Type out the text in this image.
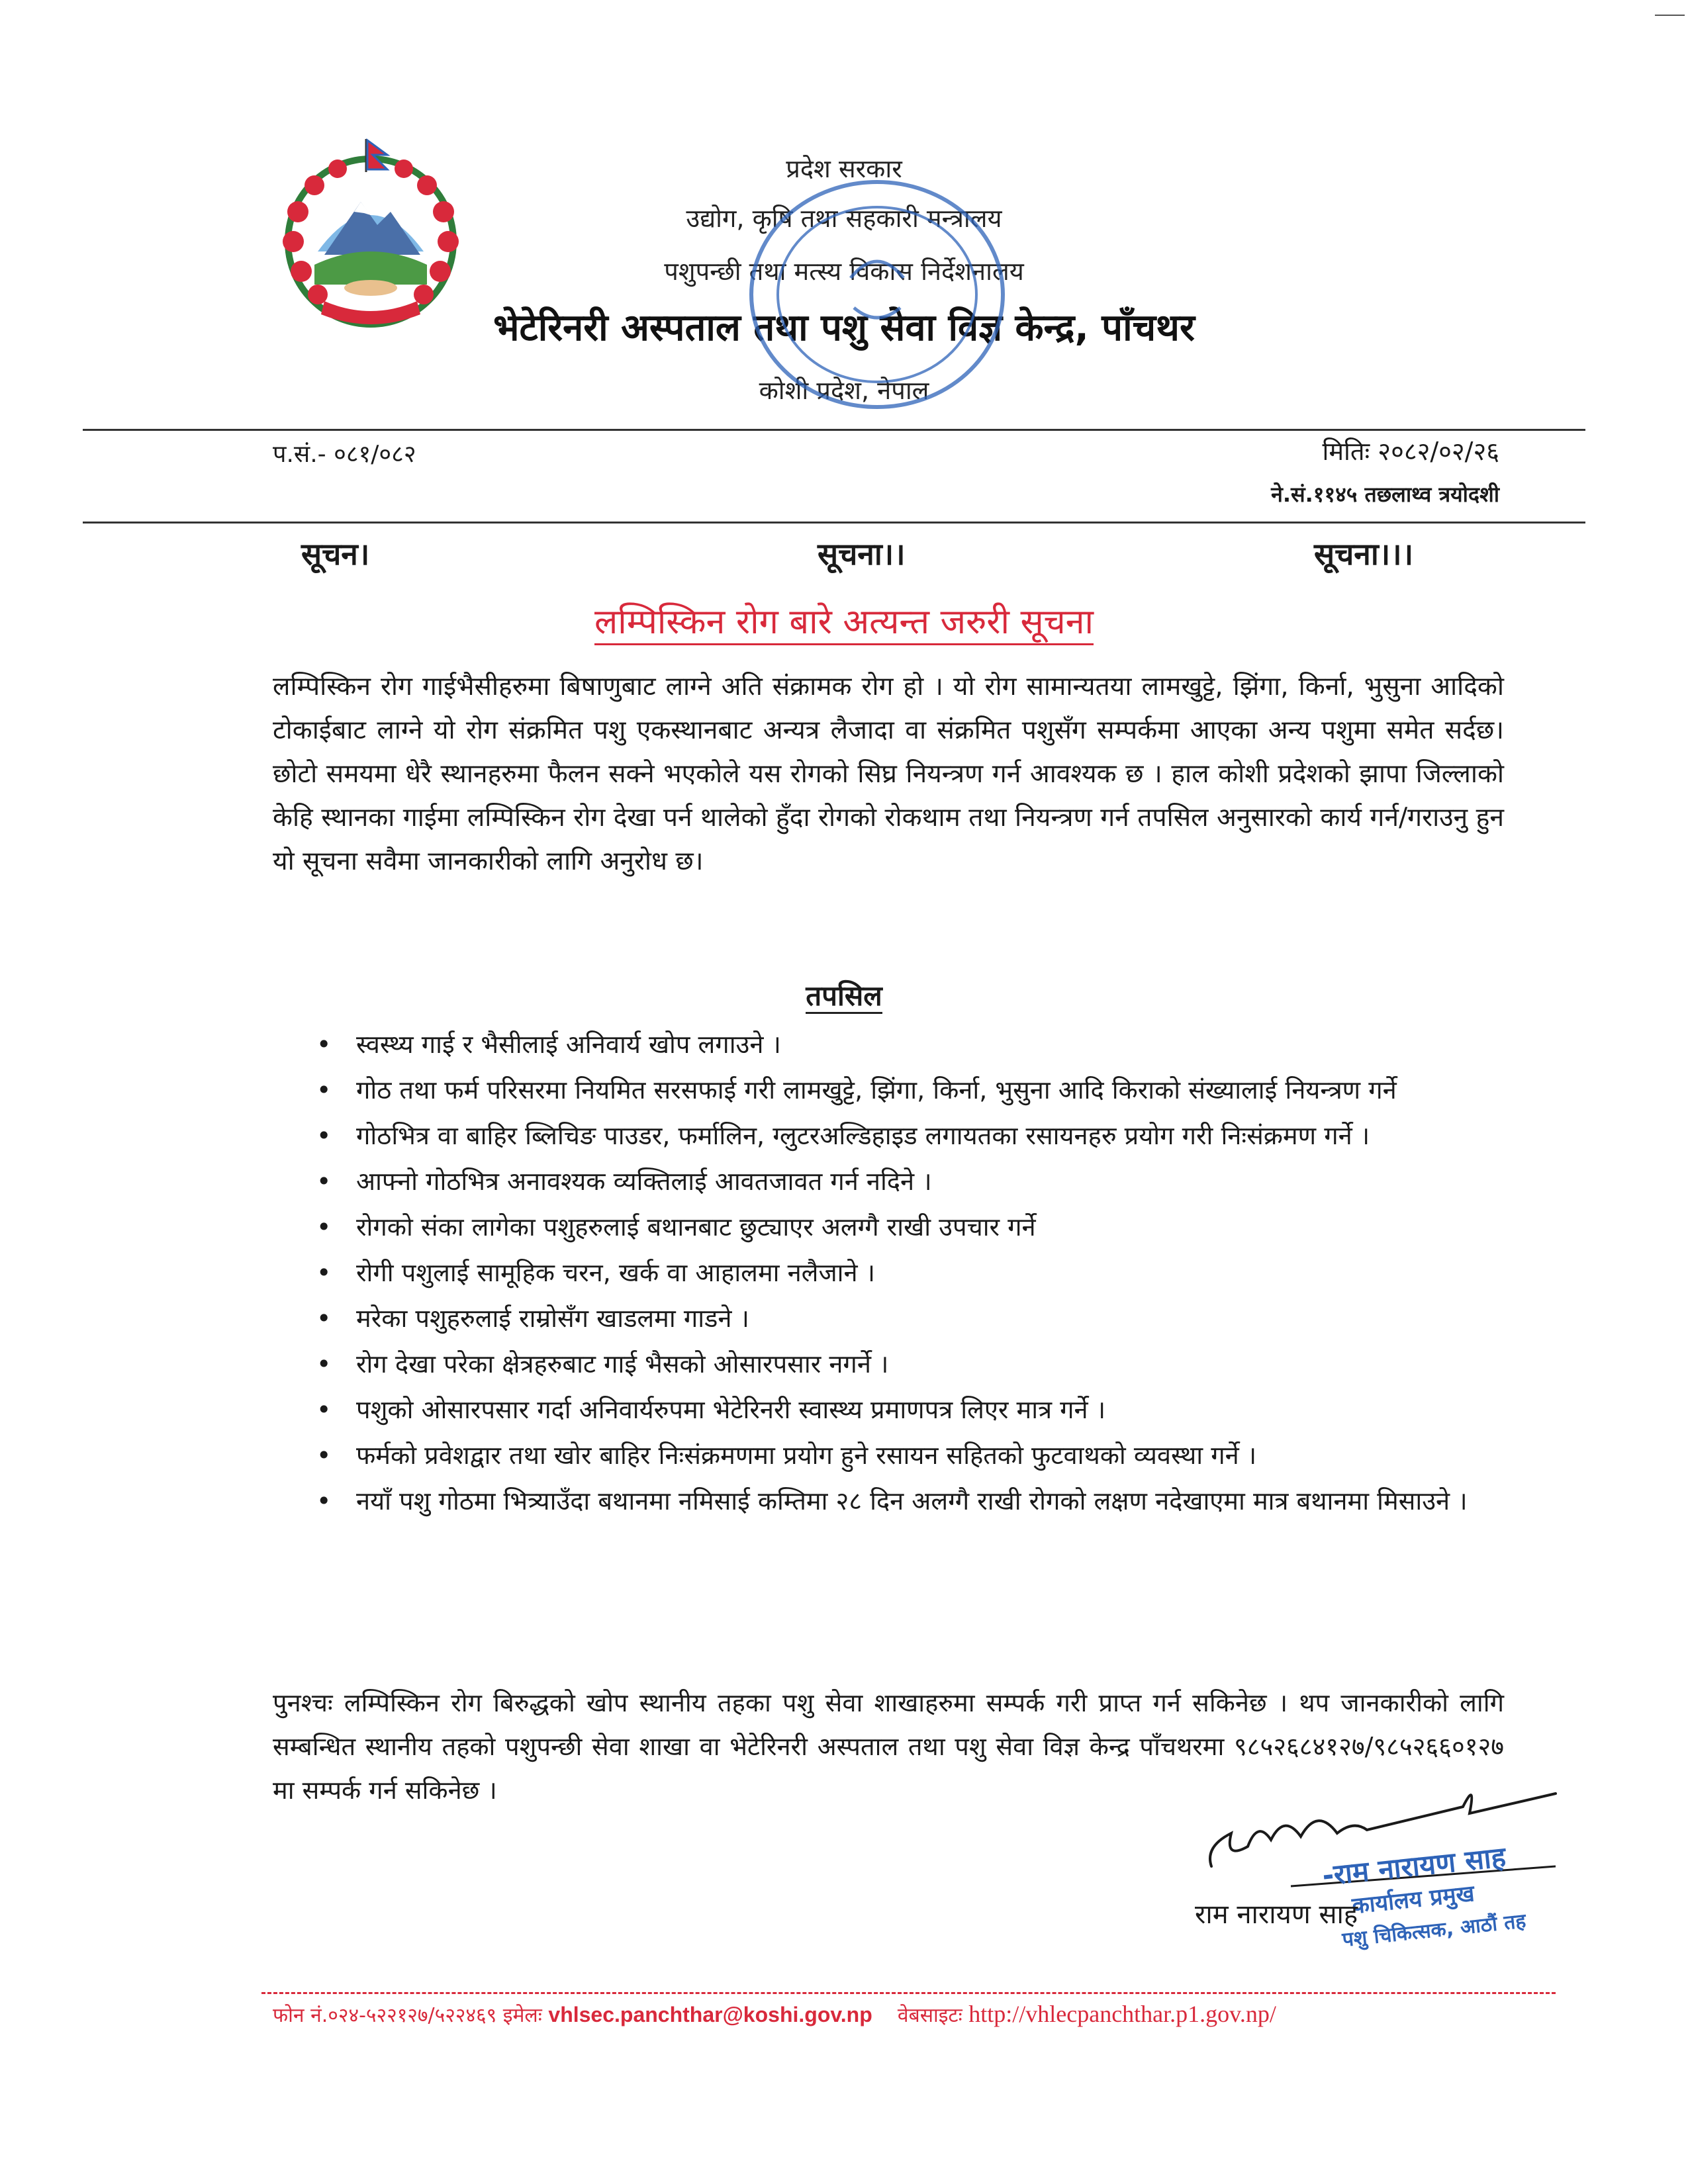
प्रदेश सरकार
उद्योग, कृषि तथा सहकारी मन्त्रालय
पशुपन्छी तथा मत्स्य विकास निर्देशनालय
भेटेरिनरी अस्पताल तथा पशु सेवा विज्ञ केन्द्र, पाँचथर
कोशी प्रदेश, नेपाल
प.सं.- ०८१/०८२	मितिः २०८२/०२/२६
ने.सं.११४५ तछलाथ्व त्रयोदशी
सूचन।	सूचना।।	सूचना।।।
लम्पिस्किन रोग बारे अत्यन्त जरुरी सूचना
लम्पिस्किन रोग गाईभैसीहरुमा बिषाणुबाट लाग्ने अति संक्रामक रोग हो । यो रोग सामान्यतया लामखुट्टे, झिंगा, किर्ना, भुसुना आदिको टोकाईबाट लाग्ने यो रोग संक्रमित पशु एकस्थानबाट अन्यत्र लैजादा वा संक्रमित पशुसँग सम्पर्कमा आएका अन्य पशुमा समेत सर्दछ। छोटो समयमा धेरै स्थानहरुमा फैलन सक्ने भएकोले यस रोगको सिघ्र नियन्त्रण गर्न आवश्यक छ । हाल कोशी प्रदेशको झापा जिल्लाको केहि स्थानका गाईमा लम्पिस्किन रोग देखा पर्न थालेको हुँदा रोगको रोकथाम तथा नियन्त्रण गर्न तपसिल अनुसारको कार्य गर्न/गराउनु हुन यो सूचना सवैमा जानकारीको लागि अनुरोध छ।
तपसिल
• स्वस्थ्य गाई र भैसीलाई अनिवार्य खोप लगाउने ।
• गोठ तथा फर्म परिसरमा नियमित सरसफाई गरी लामखुट्टे, झिंगा, किर्ना, भुसुना आदि किराको संख्यालाई नियन्त्रण गर्ने
• गोठभित्र वा बाहिर ब्लिचिङ पाउडर, फर्मालिन, ग्लुटरअल्डिहाइड लगायतका रसायनहरु प्रयोग गरी निःसंक्रमण गर्ने ।
• आफ्नो गोठभित्र अनावश्यक व्यक्तिलाई आवतजावत गर्न नदिने ।
• रोगको संका लागेका पशुहरुलाई बथानबाट छुट्याएर अलग्गै राखी उपचार गर्ने
• रोगी पशुलाई सामूहिक चरन, खर्क वा आहालमा नलैजाने ।
• मरेका पशुहरुलाई राम्रोसँग खाडलमा गाडने ।
• रोग देखा परेका क्षेत्रहरुबाट गाई भैसको ओसारपसार नगर्ने ।
• पशुको ओसारपसार गर्दा अनिवार्यरुपमा भेटेरिनरी स्वास्थ्य प्रमाणपत्र लिएर मात्र गर्ने ।
• फर्मको प्रवेशद्वार तथा खोर बाहिर निःसंक्रमणमा प्रयोग हुने रसायन सहितको फुटवाथको व्यवस्था गर्ने ।
• नयाँ पशु गोठमा भित्र्याउँदा बथानमा नमिसाई कम्तिमा २८ दिन अलग्गै राखी रोगको लक्षण नदेखाएमा मात्र बथानमा मिसाउने ।
पुनश्चः लम्पिस्किन रोग बिरुद्धको खोप स्थानीय तहका पशु सेवा शाखाहरुमा सम्पर्क गरी प्राप्त गर्न सकिनेछ । थप जानकारीको लागि सम्बन्धित स्थानीय तहको पशुपन्छी सेवा शाखा वा भेटेरिनरी अस्पताल तथा पशु सेवा विज्ञ केन्द्र पाँचथरमा ९८५२६८४१२७/९८५२६६०१२७ मा सम्पर्क गर्न सकिनेछ ।
-राम नारायण साह
कार्यालय प्रमुख
पशु चिकित्सक, आठौं तह
राम नारायण साह
फोन नं.०२४-५२२१२७/५२२४६९ इमेलः vhlsec.panchthar@koshi.gov.np वेबसाइटः http://vhlecpanchthar.p1.gov.np/
